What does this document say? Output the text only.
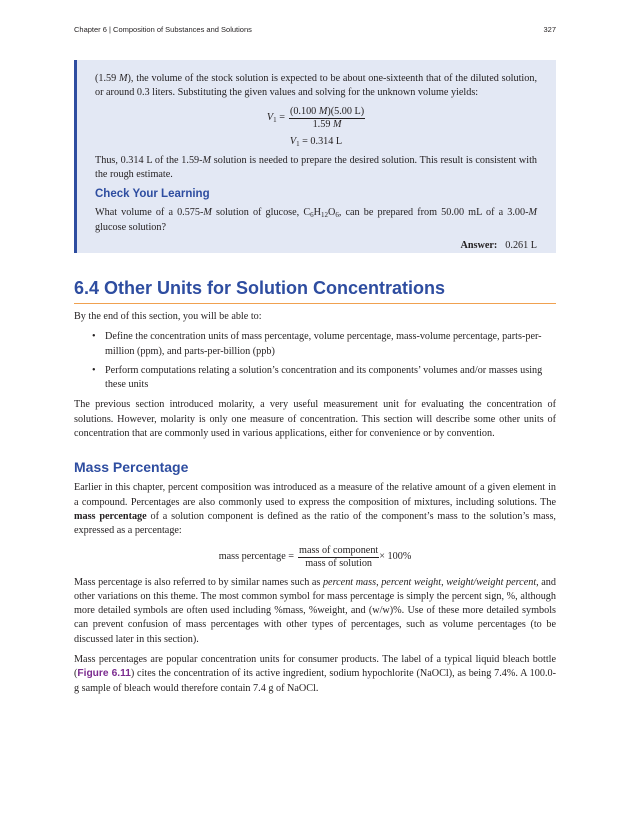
Chapter 6 | Composition of Substances and Solutions	327

(1.59 M), the volume of the stock solution is expected to be about one-sixteenth that of the diluted solution, or around 0.3 liters. Substituting the given values and solving for the unknown volume yields:

$V_1 = \frac{(0.100 M)(5.00 L)}{1.59 M}$
$V_1 = 0.314$ L

Thus, 0.314 L of the 1.59-M solution is needed to prepare the desired solution. This result is consistent with the rough estimate.

Check Your Learning

What volume of a 0.575-M solution of glucose, $C_6H_{12}O_6$, can be prepared from 50.00 mL of a 3.00-M glucose solution?

Answer: 0.261 L
6.4 Other Units for Solution Concentrations

By the end of this section, you will be able to:

• Define the concentration units of mass percentage, volume percentage, mass-volume percentage, parts-per-million (ppm), and parts-per-billion (ppb)
• Perform computations relating a solution’s concentration and its components’ volumes and/or masses using these units

The previous section introduced molarity, a very useful measurement unit for evaluating the concentration of solutions. However, molarity is only one measure of concentration. This section will describe some other units of concentration that are commonly used in various applications, either for convenience or by convention.

Mass Percentage

Earlier in this chapter, percent composition was introduced as a measure of the relative amount of a given element in a compound. Percentages are also commonly used to express the composition of mixtures, including solutions. The mass percentage of a solution component is defined as the ratio of the component’s mass to the solution’s mass, expressed as a percentage:

mass percentage = $\frac{\text{mass of component}}{\text{mass of solution}} \times 100\%$

Mass percentage is also referred to by similar names such as percent mass, percent weight, weight/weight percent, and other variations on this theme. The most common symbol for mass percentage is simply the percent sign, %, although more detailed symbols are often used including %mass, %weight, and (w/w)%. Use of these more detailed symbols can prevent confusion of mass percentages with other types of percentages, such as volume percentages (to be discussed later in this section).

Mass percentages are popular concentration units for consumer products. The label of a typical liquid bleach bottle (Figure 6.11) cites the concentration of its active ingredient, sodium hypochlorite (NaOCl), as being 7.4%. A 100.0-g sample of bleach would therefore contain 7.4 g of NaOCl.
